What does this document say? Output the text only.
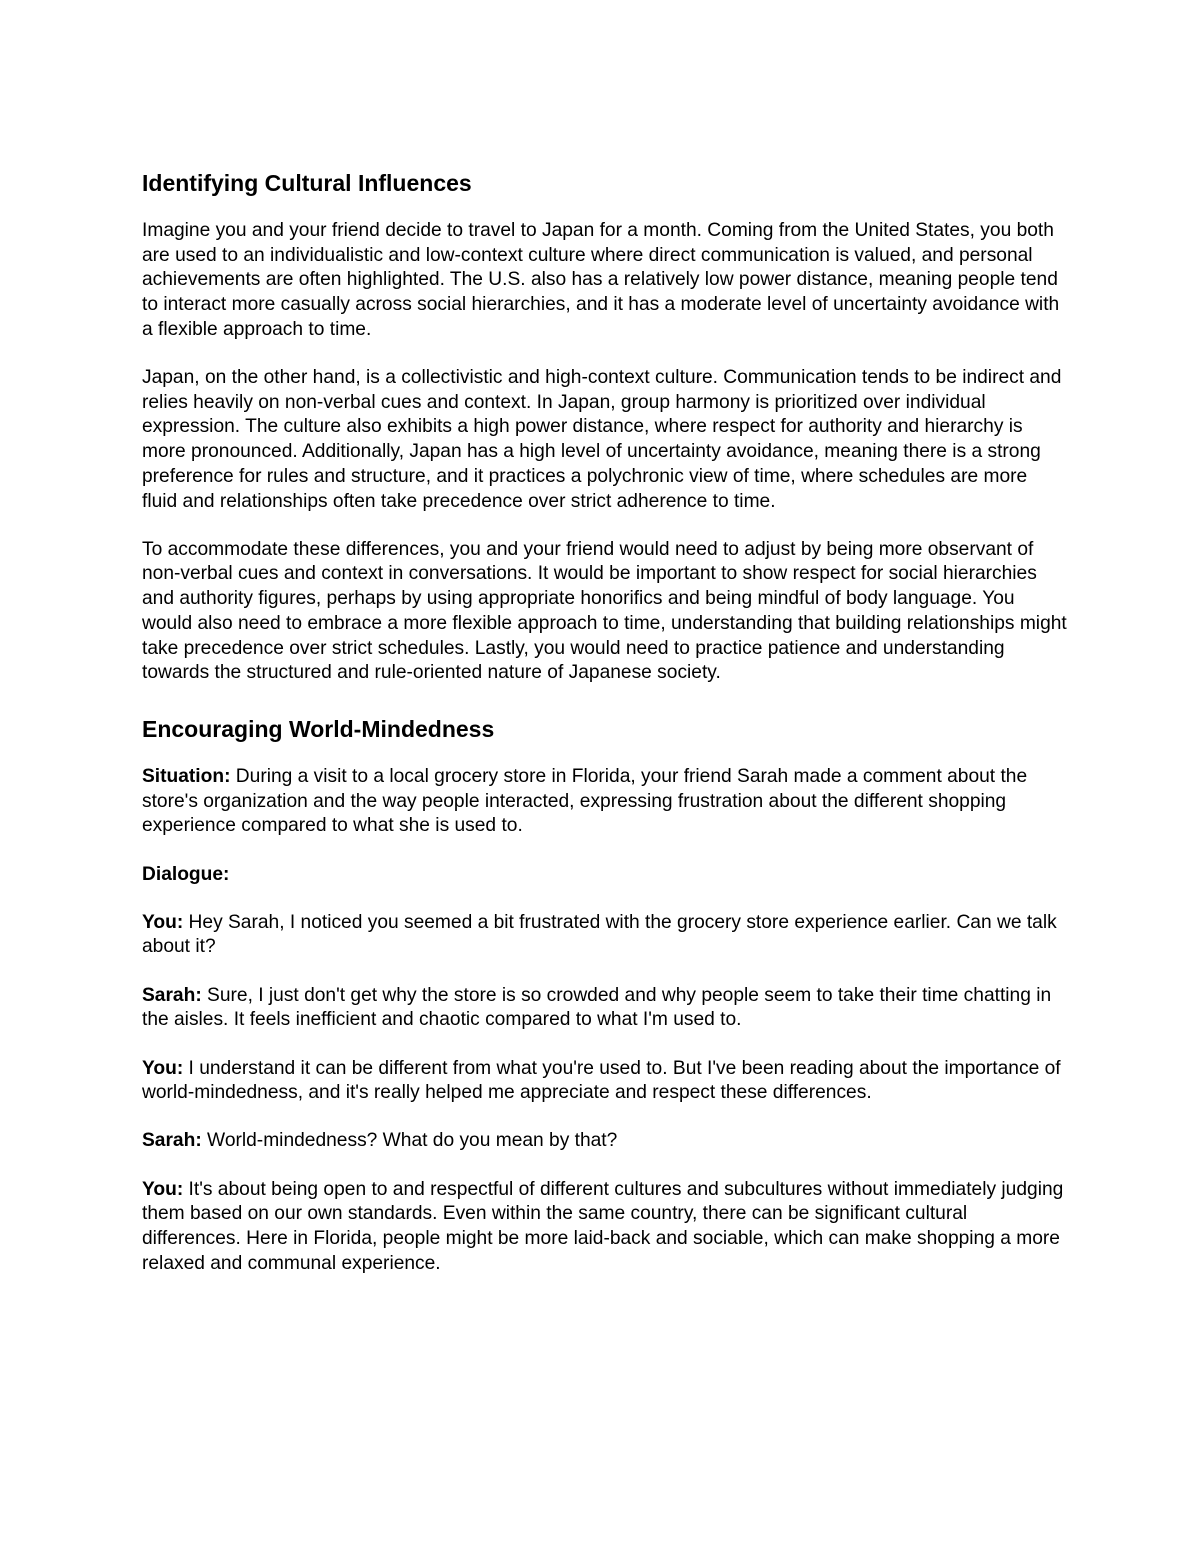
Identifying Cultural Influences

Imagine you and your friend decide to travel to Japan for a month. Coming from the United States, you both are used to an individualistic and low-context culture where direct communication is valued, and personal achievements are often highlighted. The U.S. also has a relatively low power distance, meaning people tend to interact more casually across social hierarchies, and it has a moderate level of uncertainty avoidance with a flexible approach to time.

Japan, on the other hand, is a collectivistic and high-context culture. Communication tends to be indirect and relies heavily on non-verbal cues and context. In Japan, group harmony is prioritized over individual expression. The culture also exhibits a high power distance, where respect for authority and hierarchy is more pronounced. Additionally, Japan has a high level of uncertainty avoidance, meaning there is a strong preference for rules and structure, and it practices a polychronic view of time, where schedules are more fluid and relationships often take precedence over strict adherence to time.

To accommodate these differences, you and your friend would need to adjust by being more observant of non-verbal cues and context in conversations. It would be important to show respect for social hierarchies and authority figures, perhaps by using appropriate honorifics and being mindful of body language. You would also need to embrace a more flexible approach to time, understanding that building relationships might take precedence over strict schedules. Lastly, you would need to practice patience and understanding towards the structured and rule-oriented nature of Japanese society.

Encouraging World-Mindedness

Situation: During a visit to a local grocery store in Florida, your friend Sarah made a comment about the store's organization and the way people interacted, expressing frustration about the different shopping experience compared to what she is used to.

Dialogue:

You: Hey Sarah, I noticed you seemed a bit frustrated with the grocery store experience earlier. Can we talk about it?

Sarah: Sure, I just don't get why the store is so crowded and why people seem to take their time chatting in the aisles. It feels inefficient and chaotic compared to what I'm used to.

You: I understand it can be different from what you're used to. But I've been reading about the importance of world-mindedness, and it's really helped me appreciate and respect these differences.

Sarah: World-mindedness? What do you mean by that?

You: It's about being open to and respectful of different cultures and subcultures without immediately judging them based on our own standards. Even within the same country, there can be significant cultural differences. Here in Florida, people might be more laid-back and sociable, which can make shopping a more relaxed and communal experience.
